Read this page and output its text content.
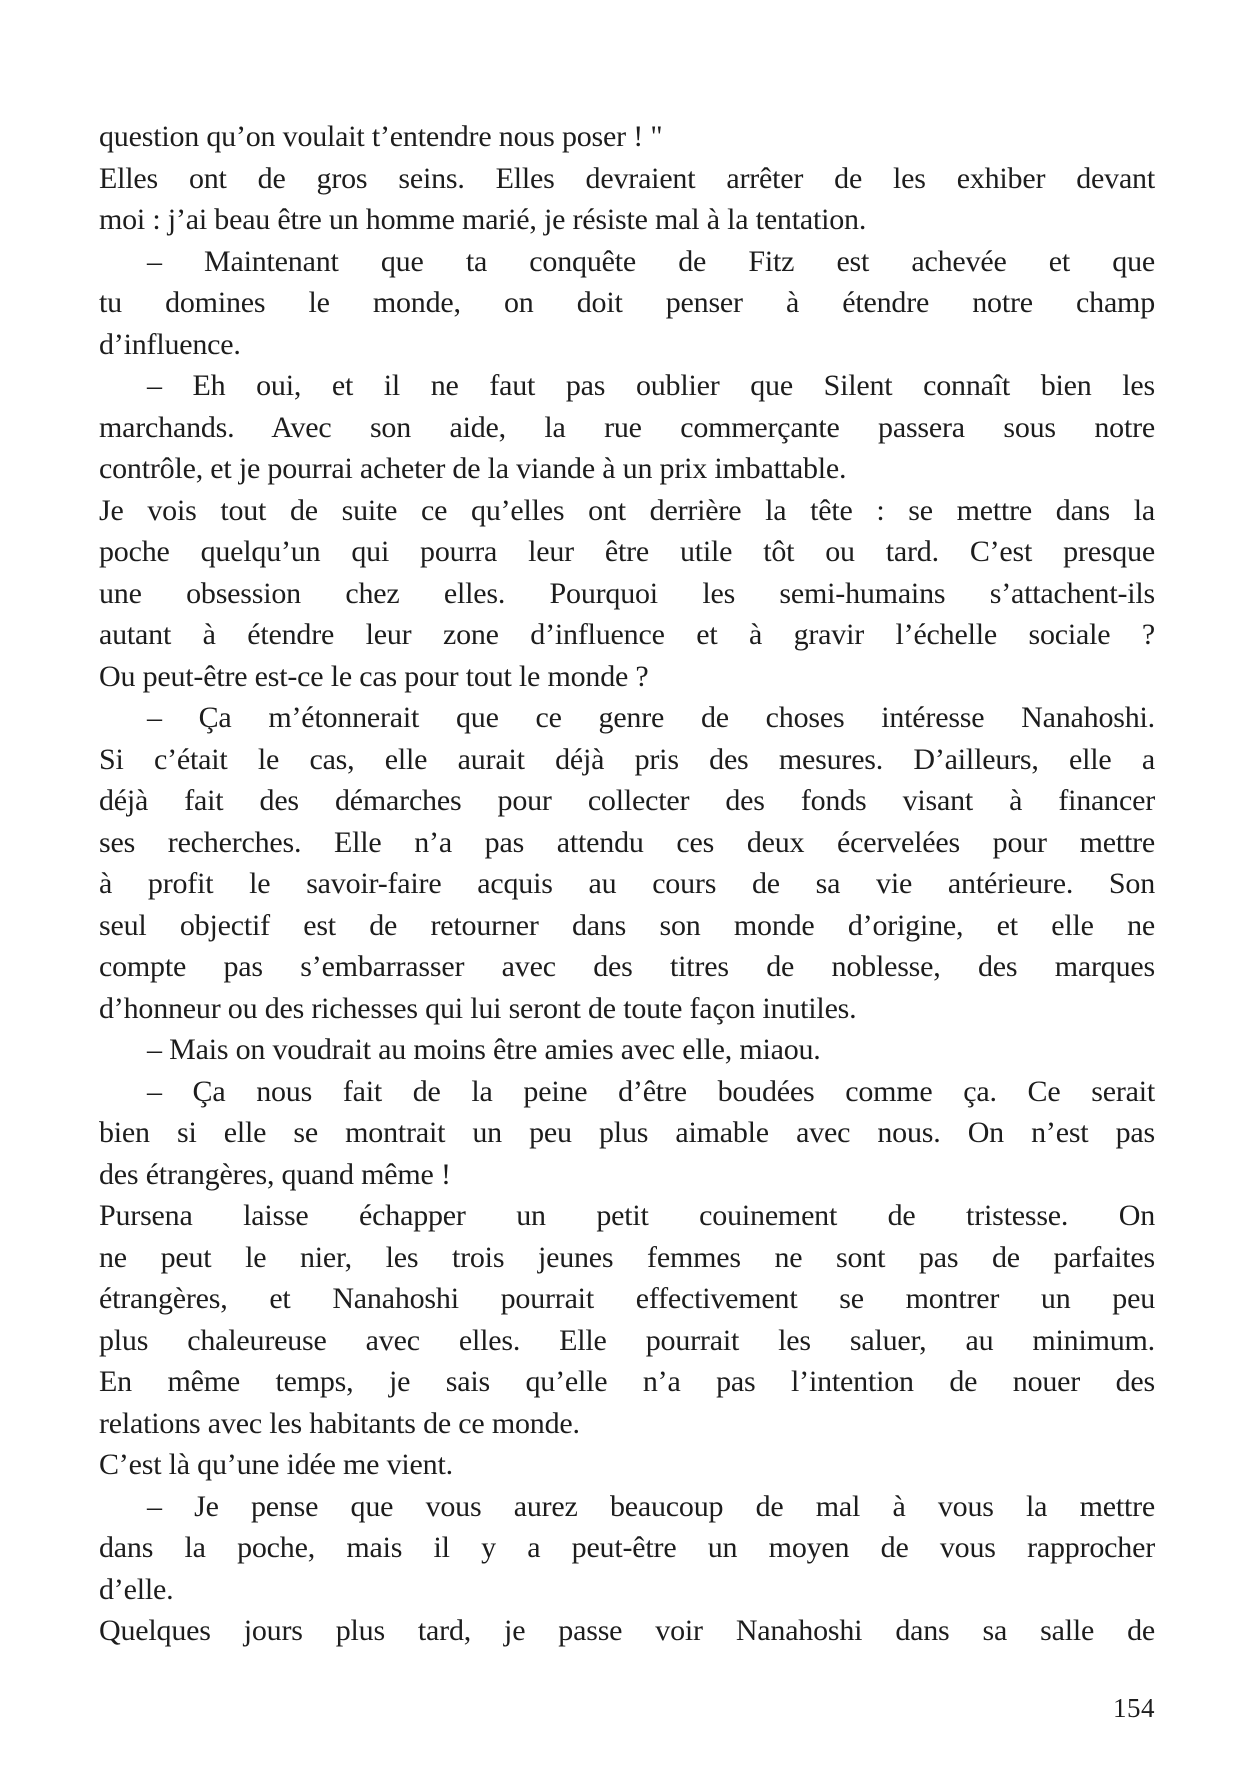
question qu’on voulait t’entendre nous poser ! "
Elles ont de gros seins. Elles devraient arrêter de les exhiber devant
moi : j’ai beau être un homme marié, je résiste mal à la tentation.
– Maintenant que ta conquête de Fitz est achevée et que
tu domines le monde, on doit penser à étendre notre champ
d’influence.
– Eh oui, et il ne faut pas oublier que Silent connaît bien les
marchands. Avec son aide, la rue commerçante passera sous notre
contrôle, et je pourrai acheter de la viande à un prix imbattable.
Je vois tout de suite ce qu’elles ont derrière la tête : se mettre dans la
poche quelqu’un qui pourra leur être utile tôt ou tard. C’est presque
une obsession chez elles. Pourquoi les semi-humains s’attachent-ils
autant à étendre leur zone d’influence et à gravir l’échelle sociale ?
Ou peut-être est-ce le cas pour tout le monde ?
– Ça m’étonnerait que ce genre de choses intéresse Nanahoshi.
Si c’était le cas, elle aurait déjà pris des mesures. D’ailleurs, elle a
déjà fait des démarches pour collecter des fonds visant à financer
ses recherches. Elle n’a pas attendu ces deux écervelées pour mettre
à profit le savoir-faire acquis au cours de sa vie antérieure. Son
seul objectif est de retourner dans son monde d’origine, et elle ne
compte pas s’embarrasser avec des titres de noblesse, des marques
d’honneur ou des richesses qui lui seront de toute façon inutiles.
– Mais on voudrait au moins être amies avec elle, miaou.
– Ça nous fait de la peine d’être boudées comme ça. Ce serait
bien si elle se montrait un peu plus aimable avec nous. On n’est pas
des étrangères, quand même !
Pursena laisse échapper un petit couinement de tristesse. On
ne peut le nier, les trois jeunes femmes ne sont pas de parfaites
étrangères, et Nanahoshi pourrait effectivement se montrer un peu
plus chaleureuse avec elles. Elle pourrait les saluer, au minimum.
En même temps, je sais qu’elle n’a pas l’intention de nouer des
relations avec les habitants de ce monde.
C’est là qu’une idée me vient.
– Je pense que vous aurez beaucoup de mal à vous la mettre
dans la poche, mais il y a peut-être un moyen de vous rapprocher
d’elle.
Quelques jours plus tard, je passe voir Nanahoshi dans sa salle de
154
